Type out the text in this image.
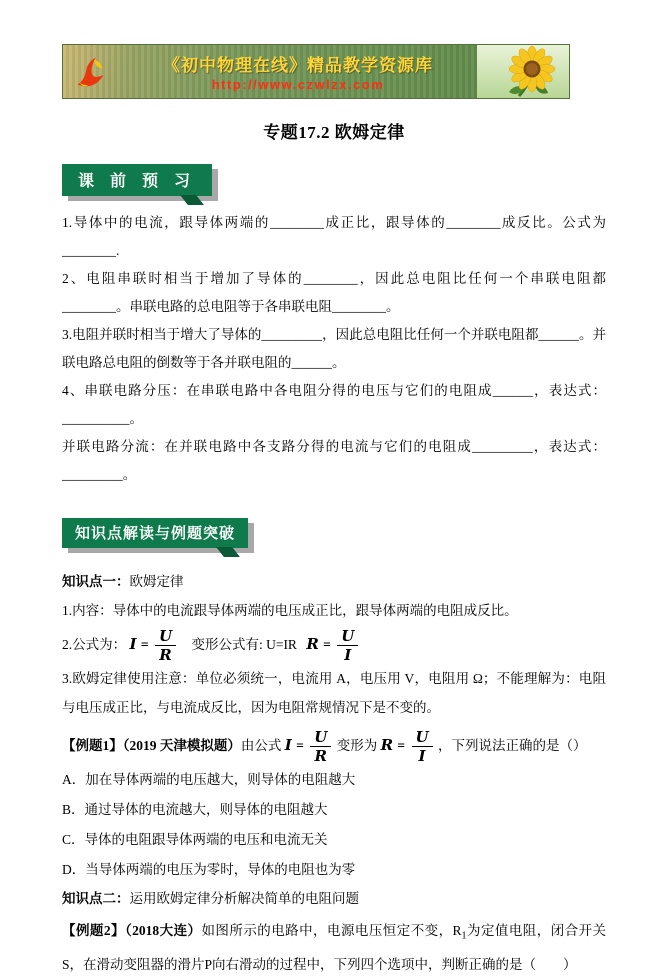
《初中物理在线》精品教学资源库
http://www.czwlzx.com
专题17.2 欧姆定律
课 前 预 习

1.导体中的电流，跟导体两端的________成正比，跟导体的________成反比。公式为________.

2、电阻串联时相当于增加了导体的________，因此总电阻比任何一个串联电阻都________。串联电路的总电阻等于各串联电阻________。

3.电阻并联时相当于增大了导体的_________，因此总电阻比任何一个并联电阻都______。并联电路总电阻的倒数等于各并联电阻的______。

4、串联电路分压：在串联电路中各电阻分得的电压与它们的电阻成______，表达式：__________。

并联电路分流：在并联电路中各支路分得的电流与它们的电阻成_________，表达式：_________。

知识点解读与例题突破

知识点一：欧姆定律

1.内容：导体中的电流跟导体两端的电压成正比，跟导体两端的电阻成反比。

2.公式为： $I = \frac{U}{R}$ 变形公式有: U=IR $R = \frac{U}{I}$

3.欧姆定律使用注意：单位必须统一，电流用 A，电压用 V，电阻用 Ω；不能理解为：电阻与电压成正比，与电流成反比，因为电阻常规情况下是不变的。

【例题1】（2019 天津模拟题）由公式 $I = \frac{U}{R}$ 变形为 $R = \frac{U}{I}$ ，下列说法正确的是（）

A．加在导体两端的电压越大，则导体的电阻越大

B．通过导体的电流越大，则导体的电阻越大

C．导体的电阻跟导体两端的电压和电流无关

D．当导体两端的电压为零时，导体的电阻也为零

知识点二：运用欧姆定律分析解决简单的电阻问题

【例题2】（2018大连）如图所示的电路中，电源电压恒定不变，$R_1$为定值电阻，闭合开关S，在滑动变阻器的滑片P向右滑动的过程中，下列四个选项中，判断正确的是（　　）
